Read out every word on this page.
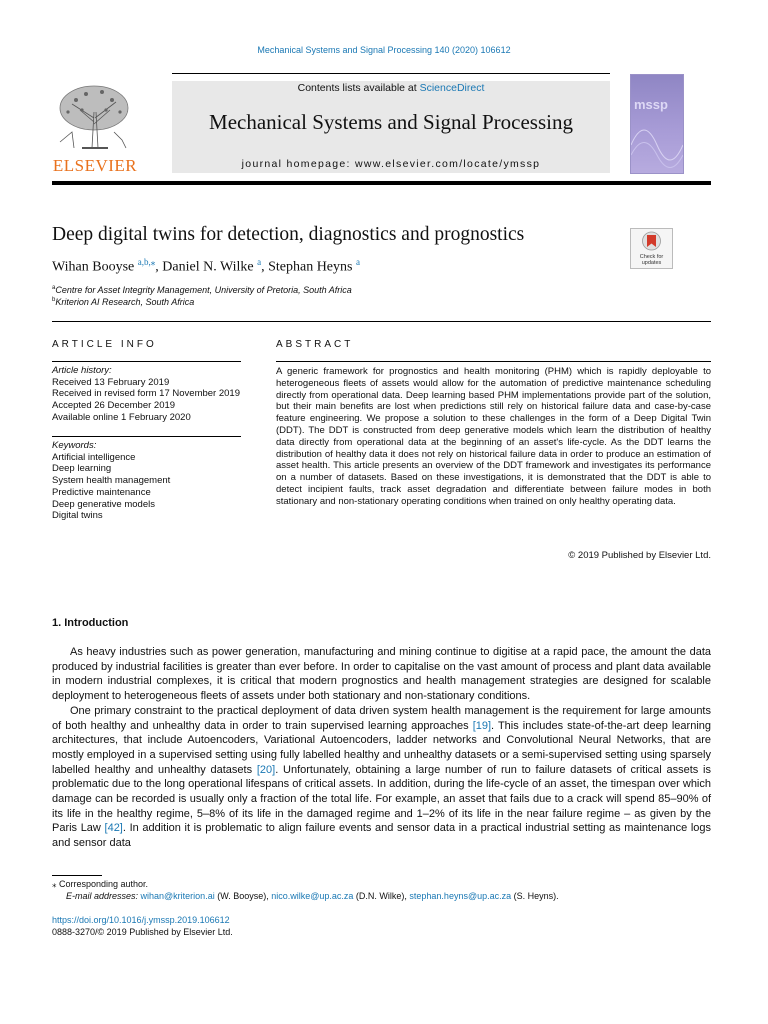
Mechanical Systems and Signal Processing 140 (2020) 106612
ELSEVIER
Contents lists available at ScienceDirect
Mechanical Systems and Signal Processing
journal homepage: www.elsevier.com/locate/ymssp
mssp
Deep digital twins for detection, diagnostics and prognostics
Check for updates
Wihan Booyse $^{a,b,⁎}$, Daniel N. Wilke $^a$, Stephan Heyns $^a$
$^a$Centre for Asset Integrity Management, University of Pretoria, South Africa
$^b$Kriterion AI Research, South Africa
ARTICLE INFO
Article history:
Received 13 February 2019
Received in revised form 17 November 2019
Accepted 26 December 2019
Available online 1 February 2020
Keywords:
Artificial intelligence
Deep learning
System health management
Predictive maintenance
Deep generative models
Digital twins
ABSTRACT
A generic framework for prognostics and health monitoring (PHM) which is rapidly deployable to heterogeneous fleets of assets would allow for the automation of predictive maintenance scheduling directly from operational data. Deep learning based PHM implementations provide part of the solution, but their main benefits are lost when predictions still rely on historical failure data and case-by-case feature engineering. We propose a solution to these challenges in the form of a Deep Digital Twin (DDT). The DDT is constructed from deep generative models which learn the distribution of healthy data directly from operational data at the beginning of an asset's life-cycle. As the DDT learns the distribution of healthy data it does not rely on historical failure data in order to produce an estimation of asset health. This article presents an overview of the DDT framework and investigates its performance on a number of datasets. Based on these investigations, it is demonstrated that the DDT is able to detect incipient faults, track asset degradation and differentiate between failure modes in both stationary and non-stationary operating conditions when trained on only healthy operating data.
© 2019 Published by Elsevier Ltd.
1. Introduction

As heavy industries such as power generation, manufacturing and mining continue to digitise at a rapid pace, the amount the data produced by industrial facilities is greater than ever before. In order to capitalise on the vast amount of process and plant data available in modern industrial complexes, it is critical that modern prognostics and health management strategies are designed for scalable deployment to heterogeneous fleets of assets under both stationary and non-stationary conditions.

One primary constraint to the practical deployment of data driven system health management is the requirement for large amounts of both healthy and unhealthy data in order to train supervised learning approaches [19]. This includes state-of-the-art deep learning architectures, that include Autoencoders, Variational Autoencoders, ladder networks and Convolutional Neural Networks, that are mostly employed in a supervised setting using fully labelled healthy and unhealthy datasets or a semi-supervised setting using sparsely labelled healthy and unhealthy datasets [20]. Unfortunately, obtaining a large number of run to failure datasets of critical assets is problematic due to the long operational lifespans of critical assets. In addition, during the life-cycle of an asset, the timespan over which damage can be recorded is usually only a fraction of the total life. For example, an asset that fails due to a crack will spend 85–90% of its life in the healthy regime, 5–8% of its life in the damaged regime and 1–2% of its life in the near failure regime – as given by the Paris Law [42]. In addition it is problematic to align failure events and sensor data in a practical industrial setting as maintenance logs and sensor data

⁎ Corresponding author.
E-mail addresses: wihan@kriterion.ai (W. Booyse), nico.wilke@up.ac.za (D.N. Wilke), stephan.heyns@up.ac.za (S. Heyns).
https://doi.org/10.1016/j.ymssp.2019.106612
0888-3270/© 2019 Published by Elsevier Ltd.
